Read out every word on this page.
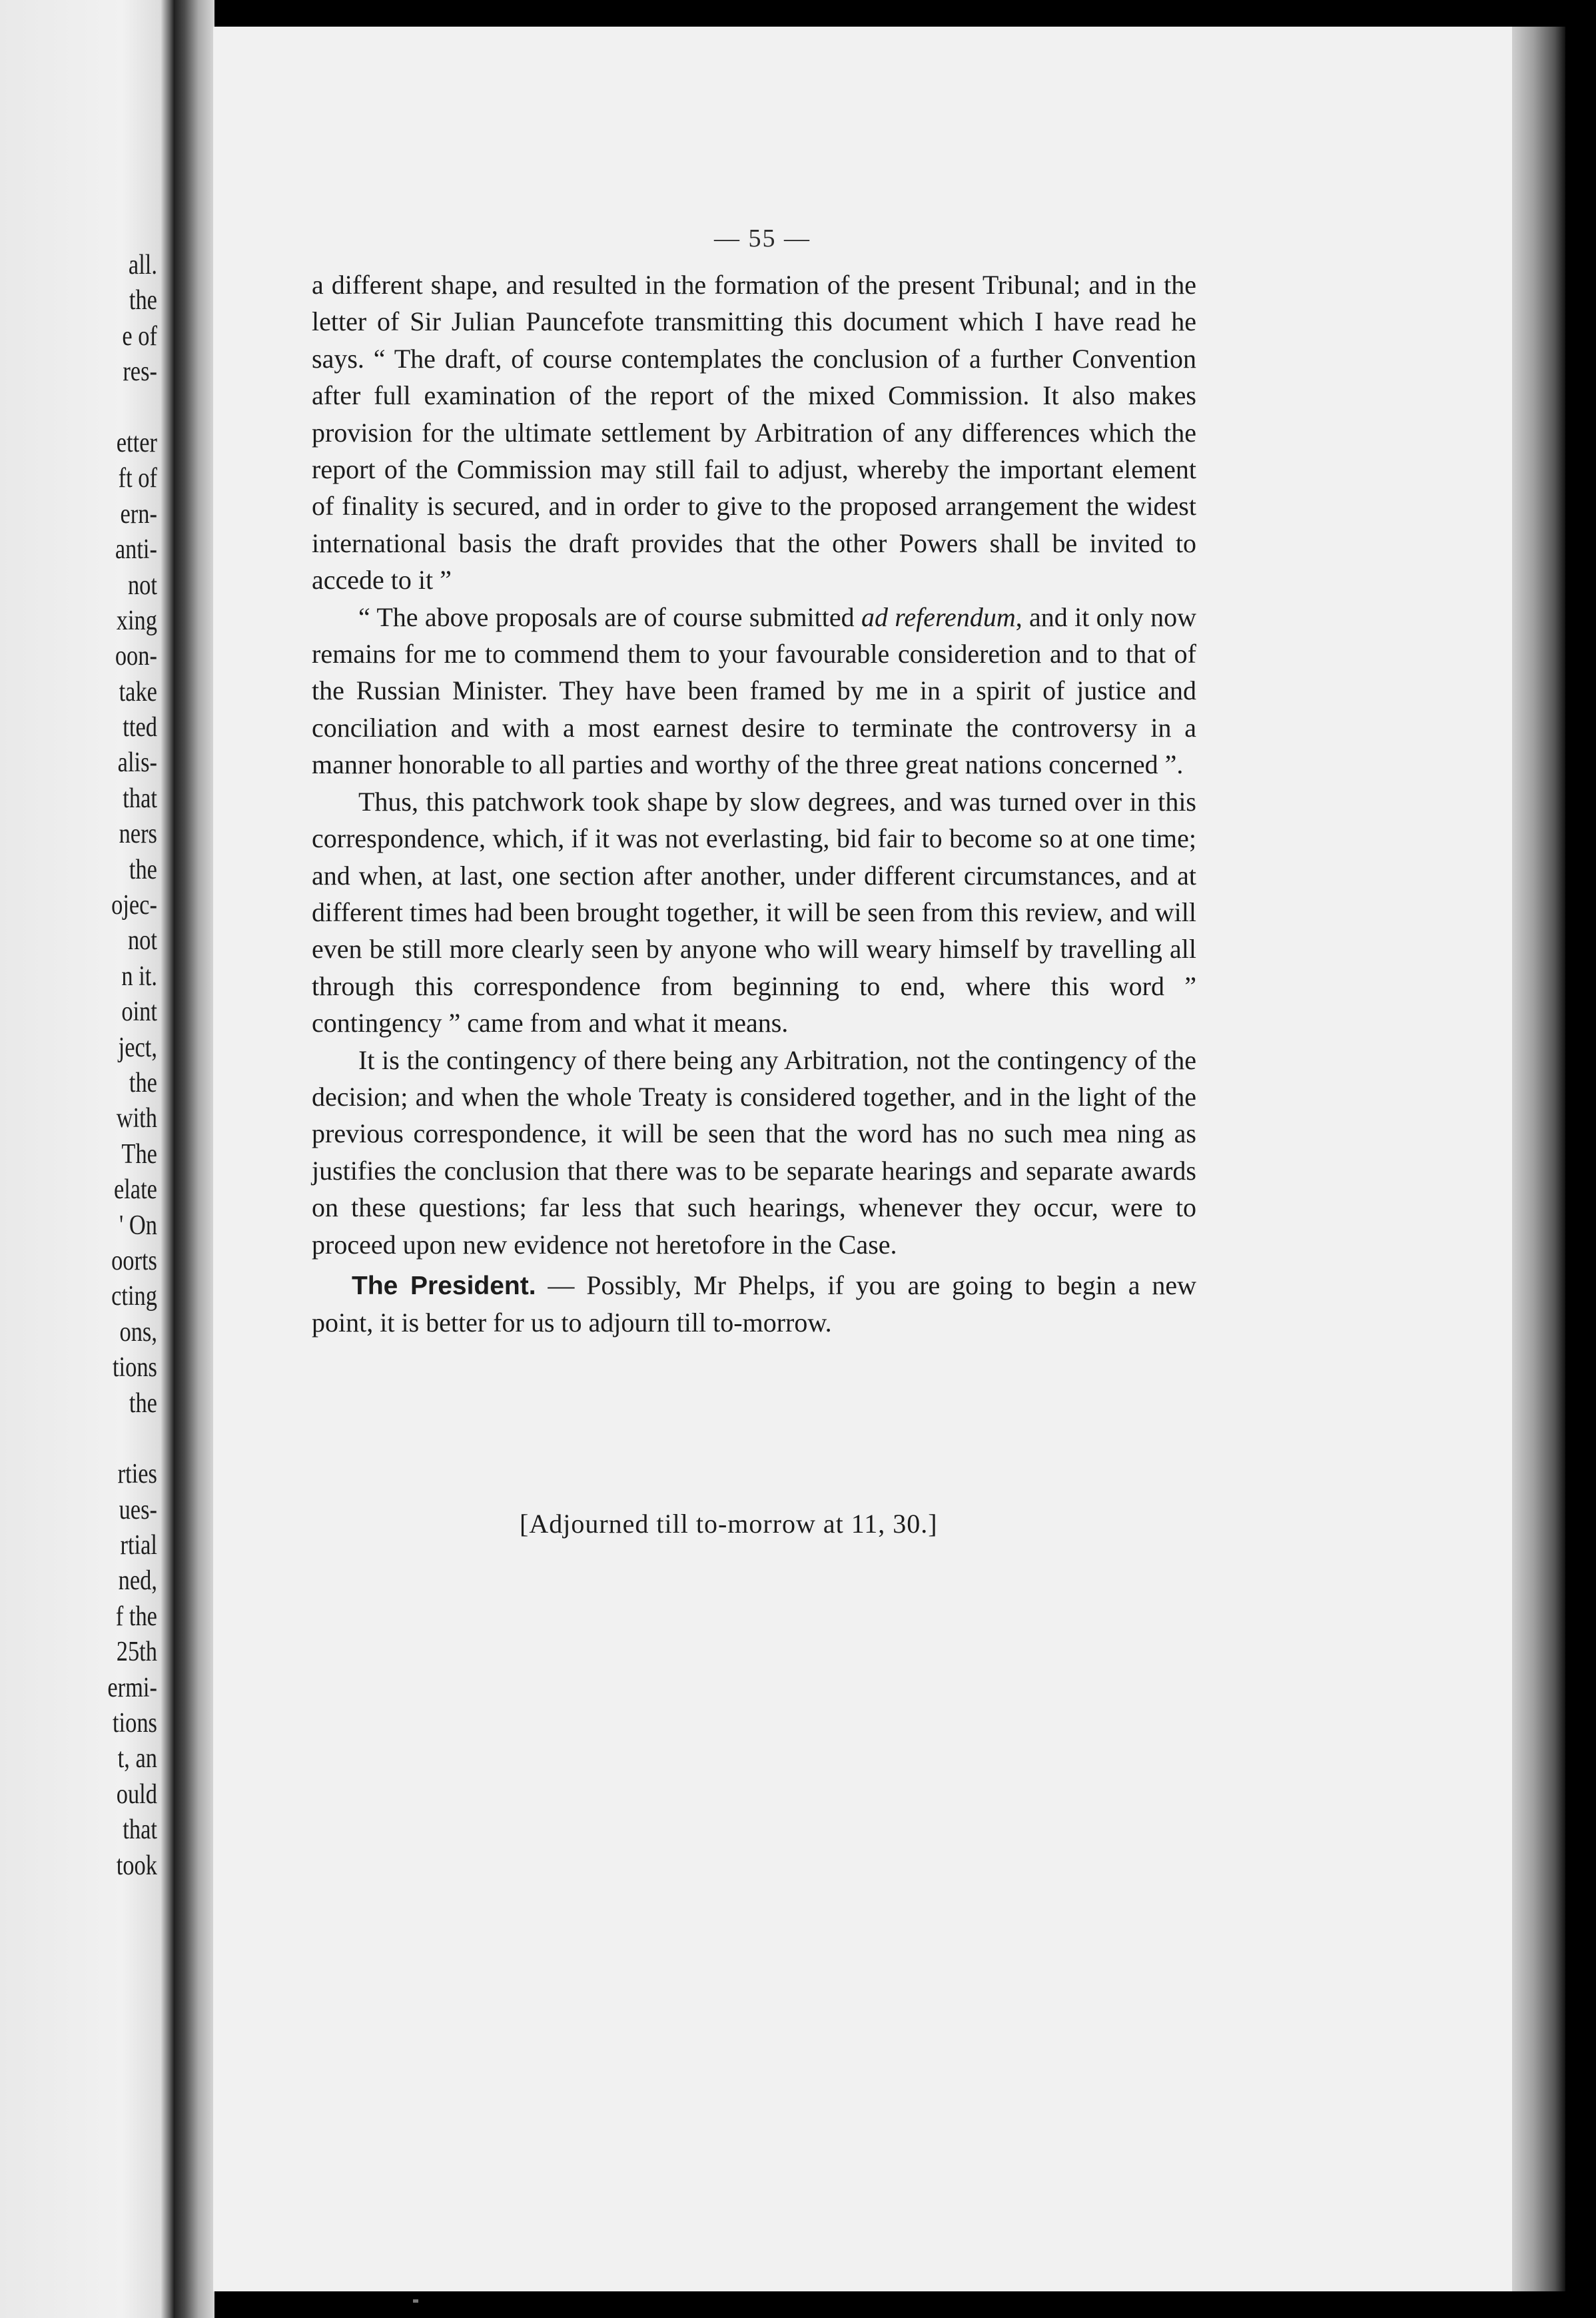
all.
the
e of
res-
etter
ft of
ern-
anti-
not
xing
oon-
take
tted
alis-
that
ners
the
ojec-
not
n it.
oint
ject,
the
with
The
elate
' On
oorts
cting
ons,
tions
the
rties
ues-
rtial
ned,
f the
25th
ermi-
tions
t, an
ould
that
took
— 55 —

a different shape, and resulted in the formation of the present Tribunal; and in the letter of Sir Julian Pauncefote transmitting this document which I have read he says. “ The draft, of course contemplates the conclusion of a further Convention after full examination of the report of the mixed Commission. It also makes provision for the ultimate settlement by Arbitration of any differences which the report of the Commission may still fail to adjust, whereby the important element of finality is secured, and in order to give to the proposed arrangement the widest international basis the draft provides that the other Powers shall be invited to accede to it ”

“ The above proposals are of course submitted ad referendum, and it only now remains for me to commend them to your favourable consideretion and to that of the Russian Minister. They have been framed by me in a spirit of justice and conciliation and with a most earnest desire to terminate the controversy in a manner honorable to all parties and worthy of the three great nations concerned ”.

Thus, this patchwork took shape by slow degrees, and was turned over in this correspondence, which, if it was not everlasting, bid fair to become so at one time; and when, at last, one section after another, under different circumstances, and at different times had been brought together, it will be seen from this review, and will even be still more clearly seen by anyone who will weary himself by travelling all through this correspondence from beginning to end, where this word ” contingency ” came from and what it means.

It is the contingency of there being any Arbitration, not the contingency of the decision; and when the whole Treaty is considered together, and in the light of the previous correspondence, it will be seen that the word has no such mea ning as justifies the conclusion that there was to be separate hearings and separate awards on these questions; far less that such hearings, whenever they occur, were to proceed upon new evidence not heretofore in the Case.

The President. — Possibly, Mr Phelps, if you are going to begin a new point, it is better for us to adjourn till to-morrow.

[Adjourned till to-morrow at 11, 30.]
